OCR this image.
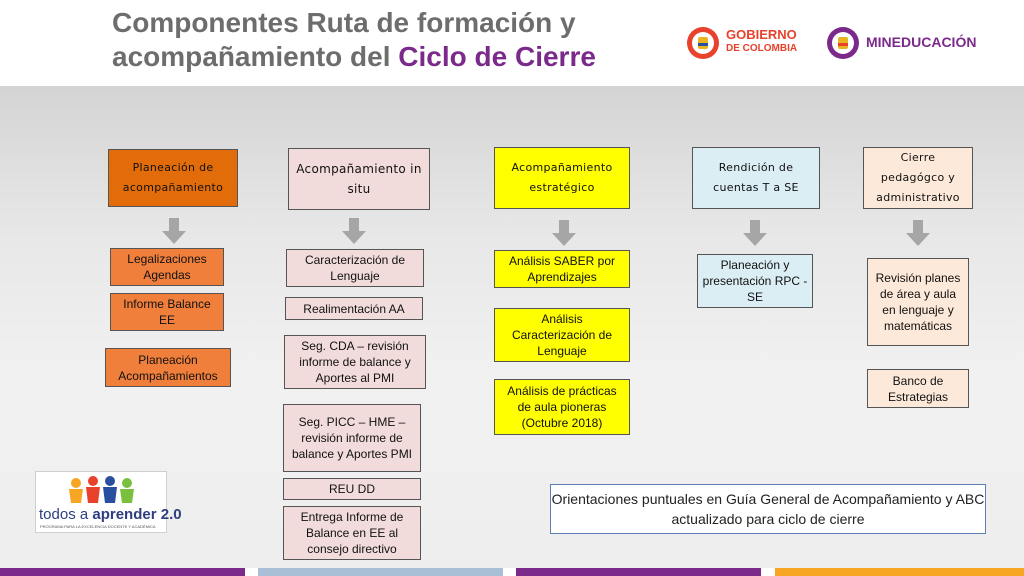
Componentes Ruta de formación y
acompañamiento del Ciclo de Cierre
GOBIERNO
DE COLOMBIA	MINEDUCACIÓN
Planeación de acompañamiento
Acompañamiento in situ
Acompañamiento estratégico
Rendición de cuentas T a SE
Cierre pedagógco y administrativo
Legalizaciones Agendas
Informe Balance EE
Planeación Acompañamientos
Caracterización de Lenguaje
Realimentación AA
Seg. CDA – revisión informe de balance y Aportes al PMI
Seg. PICC – HME – revisión informe de balance y Aportes PMI
REU DD
Entrega Informe de Balance en EE al consejo directivo
Análisis SABER por Aprendizajes
Análisis Caracterización de Lenguaje
Análisis de prácticas de aula pioneras (Octubre 2018)
Planeación y presentación RPC - SE
Revisión planes de área y aula en lenguaje y matemáticas
Banco de Estrategias
Orientaciones puntuales en Guía General de Acompañamiento y ABC actualizado para ciclo de cierre
todos a aprender 2.0
PROGRAMA PARA LA EXCELENCIA DOCENTE Y ACADÉMICA
